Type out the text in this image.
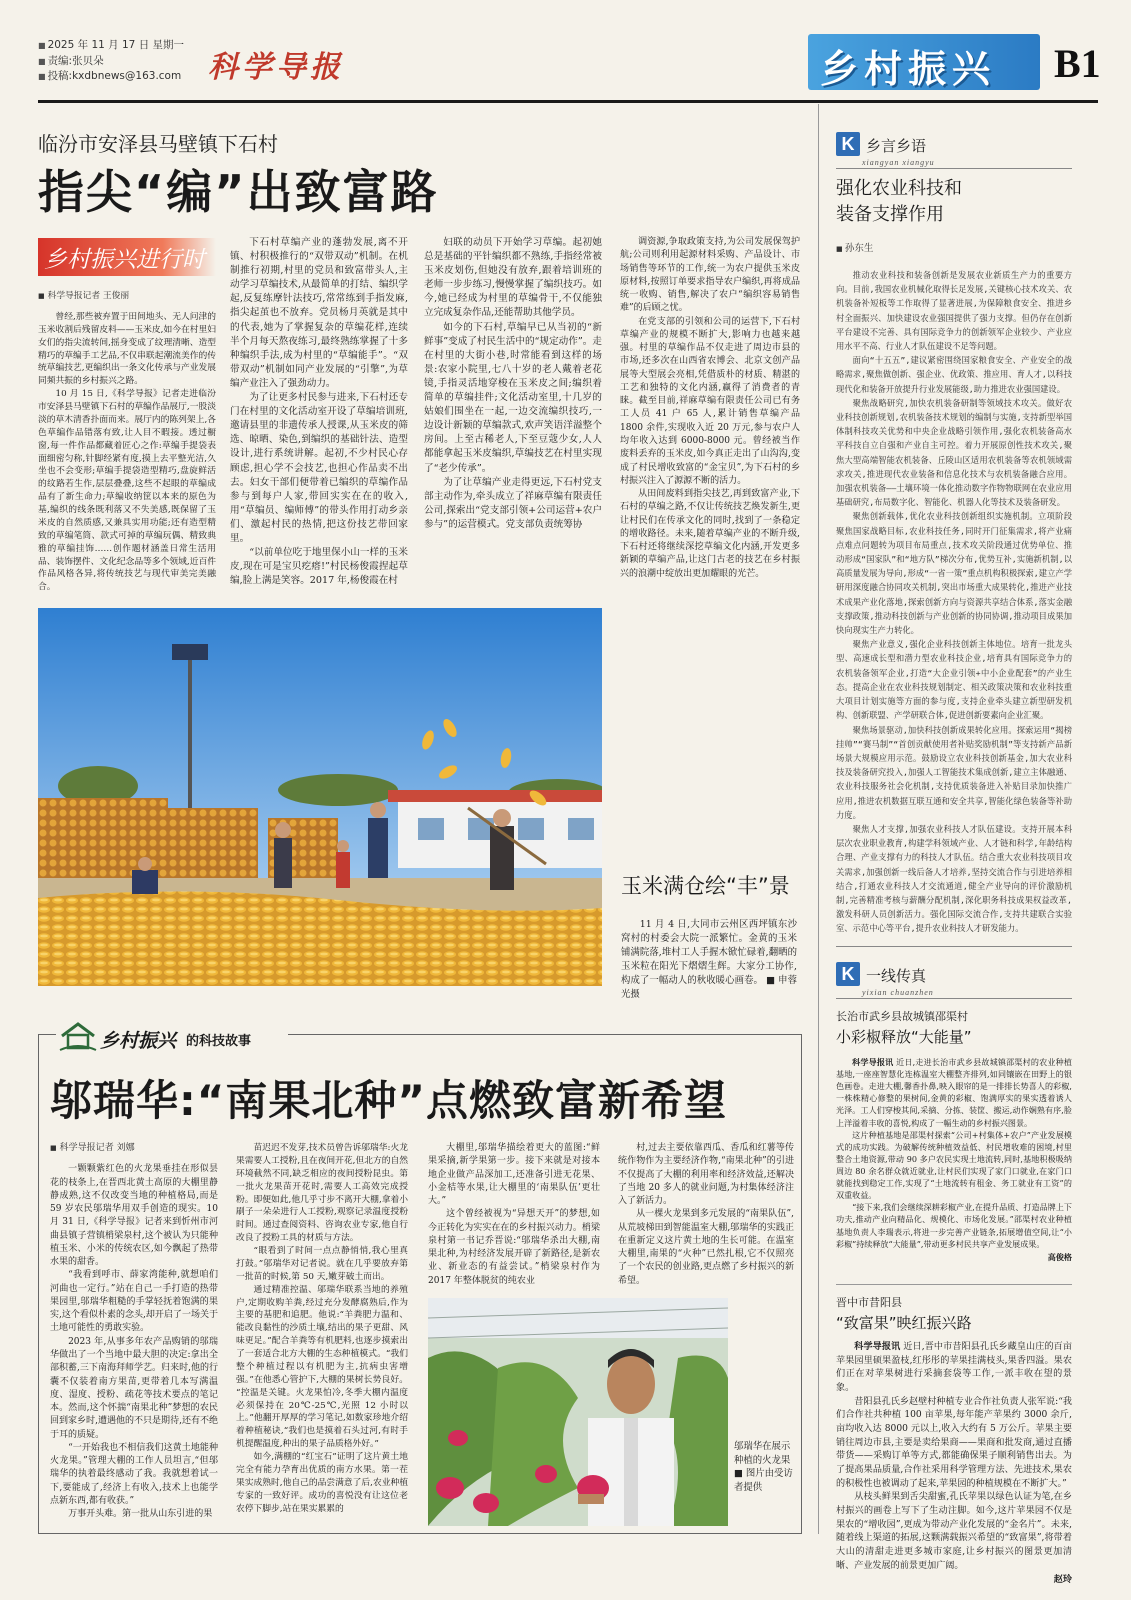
■ 2025 年 11 月 17 日 星期一
■ 责编:张贝朵
■ 投稿:kxdbnews@163.com 科学导报	乡村振兴 B1
临汾市安泽县马壁镇下石村
指尖“编”出致富路
乡村振兴进行时
■ 科学导报记者 王俊丽

曾经,那些被弃置于田间地头、无人问津的玉米收割后残留皮料——玉米皮,如今在村里妇女们的指尖流转间,摇身变成了纹理清晰、造型精巧的草编手工艺品,不仅串联起潮流美作的传统草编技艺,更编织出一条文化传承与产业发展同频共振的乡村振兴之路。

10 月 15 日,《科学导报》记者走进临汾市安泽县马壁镇下石村的草编作品展厅,一股淡淡的草木清香扑面而来。展厅内的陈列架上,各色草编作品错落有致,让人目不暇接。透过橱窗,每一件作品都藏着匠心之作:草编手提袋表面细密匀称,针脚经紧有度,摸上去平整光洁,久坐也不会变形;草编手提袋造型精巧,盘旋鲜活的纹路若生作,层层叠叠,这些不起眼的草编成品有了新生命力;草编收纳筐以本来的原色为基,编织的线条既利落又不失美感,既保留了玉米皮的自然质感,又兼具实用功能;还有造型精致的草编笔筒、款式可掉的草编玩偶、精致典雅的草编挂饰……创作题材涵盖日常生活用品、装饰摆件、文化纪念品等多个领域,近百件作品风格各异,将传统技艺与现代审美完美融合。

下石村草编产业的蓬勃发展,离不开镇、村积极推行的“双带双动”机制。在机制推行初期,村里的党员和致富带头人,主动学习草编技术,从最简单的打结、编织学起,反复练摩针法技巧,常常练到手指发麻,指尖起茧也不放弃。党员杨月英就是其中的代表,她为了掌握复杂的草编花样,连续半个月每天熬夜练习,最终熟练掌握了十多种编织手法,成为村里的“草编能手”。“双带双动”机制如同产业发展的“引擎”,为草编产业注入了强劲动力。

为了让更多村民参与进来,下石村还专门在村里的文化活动室开设了草编培训班,邀请县里的非遗传承人授课,从玉米皮的筛选、晾晒、染色,到编织的基础针法、造型设计,进行系统讲解。起初,不少村民心存顾虑,担心学不会技艺,也担心作品卖不出去。妇女干部们便带着已编织的草编作品参与到每户人家,带回实实在在的收入,用“草编员、编师傅”的带头作用打动乡亲们、激起村民的热情,把这份技艺带回家里。

“以前单位吃于地里保小山一样的玉米皮,现在可是宝贝疙瘩!”村民杨俊霞捏起草编,脸上满是笑容。2017 年,杨俊霞在村

妇联的动员下开始学习草编。起初她总是基础的平针编织都不熟练,手指经常被玉米皮划伤,但她没有放弃,跟着培训班的老师一步步练习,慢慢掌握了编织技巧。如今,她已经成为村里的草编骨干,不仅能独立完成复杂作品,还能帮助其他学员。

如今的下石村,草编早已从当初的“新鲜事”变成了村民生活中的“规定动作”。走在村里的大街小巷,时常能看到这样的场景:农家小院里,七八十岁的老人戴着老花镜,手指灵活地穿梭在玉米皮之间;编织着简单的草编挂件;文化活动室里,十几岁的姑娘们围坐在一起,一边交流编织技巧,一边设计新颖的草编款式,欢声笑语洋溢整个房间。上至古稀老人,下至豆蔻少女,人人都能拿起玉米皮编织,草编技艺在村里实现了“老少传承”。

为了让草编产业走得更远,下石村党支部主动作为,牵头成立了祥麻草编有限责任公司,探索出“党支部引领+公司运营+农户参与”的运营模式。党支部负责统筹协

调资源,争取政策支持,为公司发展保驾护航;公司则利用起源材料采购、产品设计、市场销售等环节的工作,统一为农户提供玉米皮原材料,按照订单要求指导农户编织,再将成品统一收购、销售,解决了农户“编织容易销售难”的后顾之忧。

在党支部的引领和公司的运营下,下石村草编产业的规模不断扩大,影响力也越来越强。村里的草编作品不仅走进了周边市县的市场,还多次在山西省农博会、北京文创产品展等大型展会亮相,凭借质朴的材质、精湛的工艺和独特的文化内涵,赢得了消费者的青睐。截至目前,祥麻草编有限责任公司已有务工人员 41 户 65 人,累计销售草编产品 1800 余件,实现收入近 20 万元,参与农户人均年收入达到 6000-8000 元。曾经被当作废料丢弃的玉米皮,如今真正走出了山沟沟,变成了村民增收致富的“金宝贝”,为下石村的乡村振兴注入了源源不断的活力。

从田间废料到指尖技艺,再到致富产业,下石村的草编之路,不仅让传统技艺焕发新生,更让村民们在传承文化的同时,找到了一条稳定的增收路径。未来,随着草编产业的不断升级,下石村还将继续深挖草编文化内涵,开发更多新颖的草编产品,让这门古老的技艺在乡村振兴的浪潮中绽放出更加耀眼的光芒。

玉米满仓绘“丰”景
11 月 4 日,大同市云州区西坪镇东沙窝村的村委会大院一派繁忙。金黄的玉米铺满院落,堆村工人手握木锨忙碌着,翻晒的玉米粒在阳光下熠熠生辉。大家分工协作,构成了一幅动人的秋收暖心画卷。 ■ 申蓉光摄
乡村振兴 的科技故事
邬瑞华:“南果北种”点燃致富新希望
■ 科学导报记者 刘娜

一颗颗紫红色的火龙果垂挂在形似昙花的枝条上,在晋西北黄土高原的大棚里静静成熟,这不仅改变当地的种植格局,而是 59 岁农民邬瑞华用双手创造的现实。10 月 31 日,《科学导报》记者来到忻州市河曲县镇子营镇梢梁泉村,这个被认为只能种植玉米、小米的传统农区,如今飘起了热带水果的甜香。

“我看到呼市、薛家湾能种,就想咱们河曲也一定行。”站在自己一手打造的热带果园里,邬瑞华粗糙的手掌轻抚着饱满的果实,这个看似朴素的念头,却开启了一场关于土地可能性的勇敢实验。

2023 年,从事多年农产品购销的邬瑞华做出了一个当地中最大胆的决定:拿出全部积蓄,三下南海拜师学艺。归来时,他的行囊不仅装着南方果苗,更带着几本写满温度、湿度、授粉、疏花等技术要点的笔记本。然而,这个怀揣“南果北种”梦想的农民回到家乡时,遭遇他的不只是期待,还有不绝于耳的质疑。

“一开始我也不相信我们这黄土地能种火龙果。”管理大棚的工作人员坦言,“但邬瑞华的执着最终感动了我。我就想着试一下,要能成了,经济上有收入,技术上也能学点新东西,都有收获。”

万事开头难。第一批从山东引进的果

苗迟迟不发芽,技术员曾告诉邬瑞华:火龙果需要人工授粉,且在夜间开花,但北方的自然环境截然不同,缺乏相应的夜间授粉昆虫。第一批火龙果苗开花时,需要人工高效完成授粉。即便如此,他几乎寸步不离开大棚,拿着小刷子一朵朵进行人工授粉,观察记录温度授粉时间。通过查阅资料、咨询农业专家,他自行改良了授粉工具的材质与方法。

“眼看到了时间一点点静悄悄,我心里真打鼓。”邬瑞华对记者说。就在几乎要放弃第一批苗的时候,第 50 天,嫩芽破土而出。

通过精准控温、邬瑞华联系当地的养殖户,定期收购羊粪,经过充分发酵腐熟后,作为主要的基肥和追肥。他说:“羊粪肥力温和、能改良黏性的沙质土壤,结出的果子更甜、风味更足。”配合羊粪等有机肥料,也逐步摸索出了一套适合北方大棚的生态种植模式。“我们整个种植过程以有机肥为主,抗病虫害增强。”在他悉心管护下,大棚的果树长势良好。 “控温是关键。火龙果怕冷,冬季大棚内温度必须保持在 20℃-25℃,光照 12 小时以上。”他翻开厚厚的学习笔记,如数家珍地介绍着种植秘诀,“我们也是摸着石头过河,有时手机提醒温度,种出的果子品质格外好。”

如今,满棚的“红宝石”证明了这片黄土地完全有能力孕育出优质的南方水果。第一茬果实成熟时,他自己的品尝满意了后,农业种植专家的一致好评。成功的喜悦没有让这位老农停下脚步,站在果实累累的

大棚里,邬瑞华描绘着更大的蓝图:“鲜果采摘,新学果第一步。接下来就是对接本地企业做产品深加工,还准备引进无花果、小金桔等水果,让大棚里的‘南果队伍’更壮大。”

这个曾经被视为“异想天开”的梦想,如今正转化为实实在在的乡村振兴动力。梢梁泉村第一书记乔晋说:“邬瑞华杀出大棚,南果北种,为村经济发展开辟了新路径,是新农业、新业态的有益尝试。”梢梁泉村作为 2017 年整体脱贫的纯农业

村,过去主要依靠西瓜、香瓜和红薯等传统作物作为主要经济作物,“南果北种”的引进不仅提高了大棚的利用率和经济效益,还解决了当地 20 多人的就业问题,为村集体经济注入了新活力。

从一棵火龙果到多元发展的“南果队伍”,从荒坡梯田到智能温室大棚,邬瑞华的实践正在重新定义这片黄土地的生长可能。在温室大棚里,南果的“火种”已然扎根,它不仅照亮了一个农民的创业路,更点燃了乡村振兴的新希望。

邬瑞华在展示种植的火龙果
■ 图片由受访者提供
K 乡言乡语
xiangyan xiangyu
强化农业科技和
装备支撑作用
■ 孙东生

推动农业科技和装备创新是发展农业新质生产力的重要方向。目前,我国农业机械化取得长足发展,关键核心技术攻关、农机装备补短板等工作取得了显著进展,为保障粮食安全、推进乡村全面振兴、加快建设农业强国提供了强力支撑。但仍存在创新平台建设不完善、具有国际竞争力的创新领军企业较少、产业应用水平不高、行业人才队伍建设不足等问题。

面向“十五五”,建议紧密围绕国家粮食安全、产业安全的战略需求,聚焦做创新、强企业、优政策、推应用、育人才,以科技现代化和装备开放提升行业发展能级,助力推进农业强国建设。

聚焦战略研究,加快农机装备研制等领域技术攻关。做好农业科技创新规划,农机装备技术规划的编制与实施,支持新型举国体制科技攻关优势和中央企业战略引领作用,强化农机装备高水平科技自立自强和产业自主可控。着力开展原创性技术攻关,聚焦大型高端智能农机装备、丘陵山区适用农机装备等农机领域需求攻关,推进现代农业装备和信息化技术与农机装备融合应用。加强农机装备——土壤环境一体化推动数字作物物联网在农业应用基础研究,布局数字化、智能化、机器人化等技术及装备研发。

聚焦创新载体,优化农业科技创新组织实施机制。立项阶段聚焦国家战略目标,农业科技任务,同时开门征集需求,将产业痛点难点问题转为项目布局重点,技术攻关阶段通过优势单位、推动形成“国家队”和“地方队”梯次分布,优势互补,实施新机制,以高质量发展为导向,形成“一省一策”重点机构积极探索,建立产学研用深度融合协同攻关机制,突出市场重大成果转化,推进产业技术成果产业化落地,探索创新方向与资源共享结合体系,落实金融支撑政策,推动科技创新与产业创新的协同协调,推动项目成果加快向现实生产力转化。

聚焦产业意义,强化企业科技创新主体地位。培育一批龙头型、高速成长型和潜力型农业科技企业,培育具有国际竞争力的农机装备领军企业,打造“大企业引领+中小企业配套”的产业生态。提高企业在农业科技规划制定、相关政策决策和农业科技重大项目计划实施等方面的参与度,支持企业牵头建立新型研发机构、创新联盟、产学研联合体,促进创新要素向企业汇聚。

聚焦场景驱动,加快科技创新成果转化应用。探索运用“揭榜挂帅”“赛马制”“首创贡献使用者补贴奖励机制”等支持新产品新场景大规模应用示范。鼓励设立农业科技创新基金,加大农业科技及装备研究投入,加强人工智能技术集成创新,建立主体融通、农业科技服务社会化机制,支持优质装备进入补贴目录加快推广应用,推进农机数据互联互通和安全共享,智能化绿色装备等补助力度。

聚焦人才支撑,加强农业科技人才队伍建设。支持开展本科层次农业职业教育,构建学科领域产业、人才链和科学,年龄结构合理、产业支撑有力的科技人才队伍。结合重大农业科技项目攻关需求,加强创新一线后备人才培养,坚持交流合作与引进培养相结合,打通农业科技人才交流通道,健全产业导向的评价激励机制,完善精准考核与薪酬分配机制,深化职务科技成果权益改革,激发科研人员创新活力。强化国际交流合作,支持共建联合实验室、示范中心等平台,提升农业科技人才研发能力。

K 一线传真
yixian chuanzhen
长治市武乡县故城镇邵渠村
小彩椒释放“大能量”

科学导报讯 近日,走进长治市武乡县故城镇邵渠村的农业种植基地,一座座智慧化连栋温室大棚整齐排列,如同镶嵌在田野上的银色画卷。走进大棚,馨香扑鼻,映入眼帘的是一排排长势喜人的彩椒,一株株精心修整的果树间,金黄的彩椒、饱满厚实的果实透着诱人光泽。工人们穿梭其间,采摘、分拣、装筐、搬运,动作娴熟有序,脸上洋溢着丰收的喜悦,构成了一幅生动的乡村振兴图景。

这片种植基地是邵渠村探索“公司+村集体+农户”产业发展模式的成功实践。为破解传统种植效益低、村民增收难的困境,村里整合土地资源,带动 90 多户农民实现土地流转,同时,基地积极吸纳周边 80 余名群众就近就业,让村民们实现了家门口就业,在家门口就能找到稳定工作,实现了“土地流转有租金、务工就业有工资”的双重收益。

“接下来,我们会继续深耕彩椒产业,在提升品质、打造品牌上下功夫,推动产业向精品化、规模化、市场化发展。”邵渠村农业种植基地负责人李瑞表示,将进一步完善产业链条,拓展增值空间,让“小彩椒”持续释放“大能量”,带动更多村民共享产业发展成果。

高俊格
晋中市昔阳县
“致富果”映红振兴路

科学导报讯 近日,晋中市昔阳县孔氏乡藏皇山庄的百亩苹果园里硕果盈枝,红彤彤的苹果挂满枝头,果香四溢。果农们正在对苹果树进行采摘套袋等工作,一派丰收在望的景象。

昔阳县孔氏乡赵壁村种植专业合作社负责人张军说:“我们合作社共种植 100 亩苹果,每年能产苹果约 3000 余斤,亩均收入达 8000 元以上,收入大约有 5 万公斤。苹果主要销往周边市县,主要是卖给果商——果商和批发商,通过直播带货——采购订单等方式,都能确保果子顺利销售出去。为了提高果品质量,合作社采用科学管理方法、先进技术,果农的积极性也被调动了起来,苹果园的种植规模在不断扩大。”

从枝头鲜果到舌尖甜蜜,孔氏苹果以绿色认证为笔,在乡村振兴的画卷上写下了生动注脚。如今,这片苹果园不仅是果农的“增收园”,更成为带动产业化发展的“金名片”。未来,随着线上渠道的拓展,这颗满载振兴希望的“致富果”,将带着大山的清甜走进更多城市家庭,让乡村振兴的图景更加清晰、产业发展的前景更加广阔。

赵玲
